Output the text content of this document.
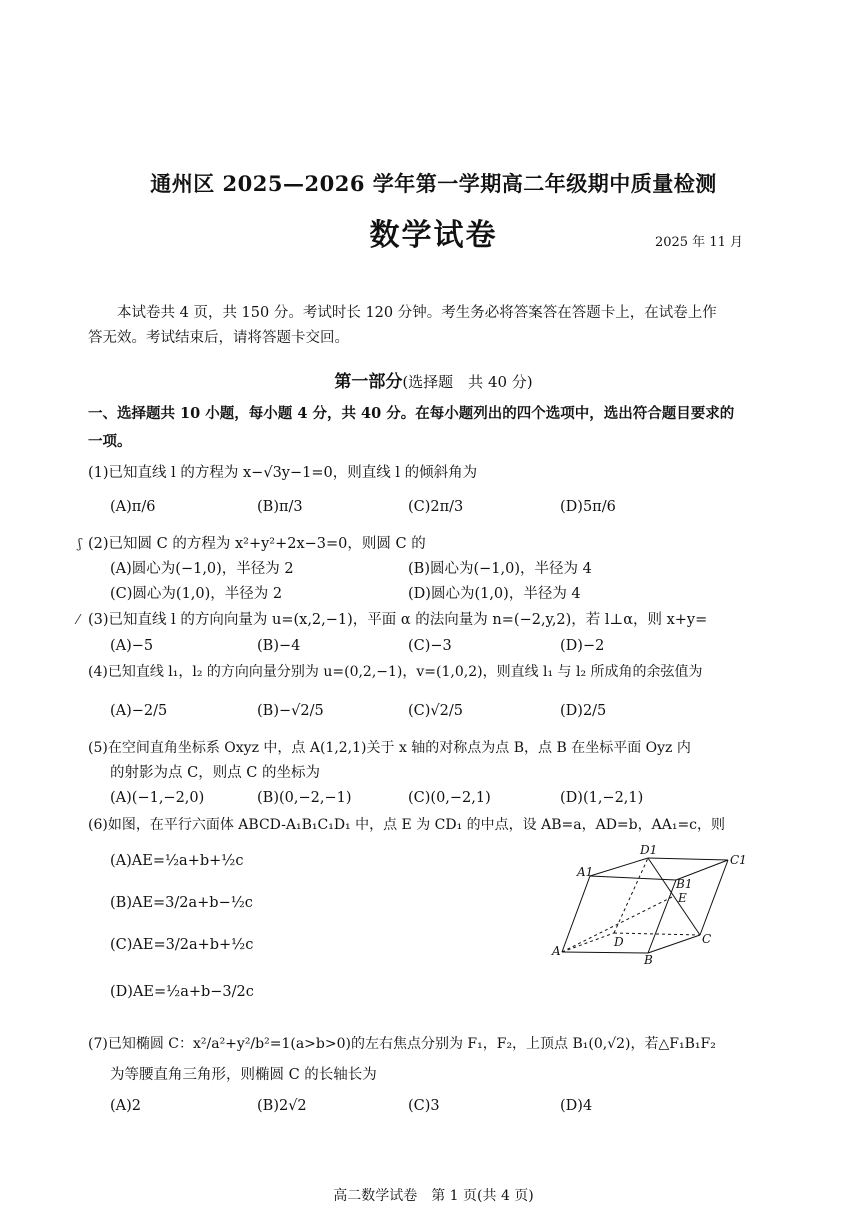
通州区 2025—2026 学年第一学期高二年级期中质量检测
数学试卷	2025 年 11 月
本试卷共 4 页，共 150 分。考试时长 120 分钟。考生务必将答案答在答题卡上，在试卷上作
答无效。考试结束后，请将答题卡交回。
第一部分(选择题　共 40 分)
一、选择题共 10 小题，每小题 4 分，共 40 分。在每小题列出的四个选项中，选出符合题目要求的
一项。
(1)已知直线 l 的方程为 x−√3y−1=0，则直线 l 的倾斜角为
(A)π/6	(B)π/3	(C)2π/3	(D)5π/6
ʃ (2)已知圆 C 的方程为 x²+y²+2x−3=0，则圆 C 的
(A)圆心为(−1,0)，半径为 2	(B)圆心为(−1,0)，半径为 4
(C)圆心为(1,0)，半径为 2	(D)圆心为(1,0)，半径为 4
⁄ (3)已知直线 l 的方向向量为 u=(x,2,−1)，平面 α 的法向量为 n=(−2,y,2)，若 l⊥α，则 x+y=
(A)−5	(B)−4	(C)−3	(D)−2
(4)已知直线 l₁，l₂ 的方向向量分别为 u=(0,2,−1)，v=(1,0,2)，则直线 l₁ 与 l₂ 所成角的余弦值为
(A)−2/5	(B)−√2/5	(C)√2/5	(D)2/5
(5)在空间直角坐标系 Oxyz 中，点 A(1,2,1)关于 x 轴的对称点为点 B，点 B 在坐标平面 Oyz 内
的射影为点 C，则点 C 的坐标为
(A)(−1,−2,0)	(B)(0,−2,−1)	(C)(0,−2,1)	(D)(1,−2,1)
(6)如图，在平行六面体 ABCD-A₁B₁C₁D₁ 中，点 E 为 CD₁ 的中点，设 AB=a，AD=b，AA₁=c，则
(A)AE=½a+b+½c
(B)AE=3/2a+b−½c
(C)AE=3/2a+b+½c
(D)AE=½a+b−3/2c
A
B
C
D
A1
B1
C1
D1
E
(7)已知椭圆 C：x²/a²+y²/b²=1(a>b>0)的左右焦点分别为 F₁，F₂，上顶点 B₁(0,√2)，若△F₁B₁F₂
为等腰直角三角形，则椭圆 C 的长轴长为
(A)2	(B)2√2	(C)3	(D)4
高二数学试卷　第 1 页(共 4 页)
